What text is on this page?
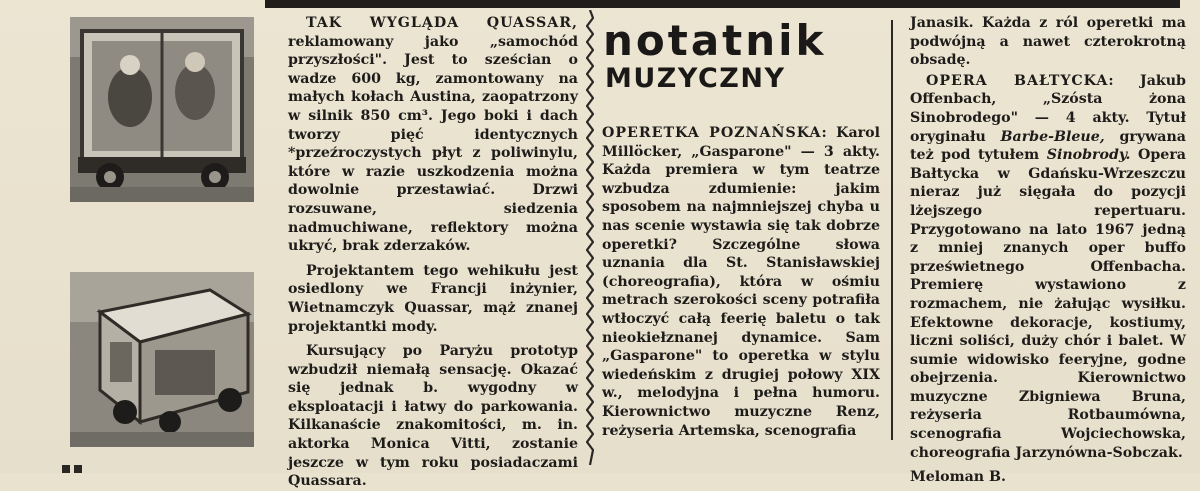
TAK WYGLĄDA QUASSAR, reklamowany jako „samochód przyszłości". Jest to sześcian o wadze 600 kg, zamontowany na małych kołach Austina, zaopatrzony w silnik 850 cm³. Jego boki i dach tworzy pięć identycznych *przeźroczystych płyt z poliwinylu, które w razie uszkodzenia można dowolnie przestawiać. Drzwi rozsuwane, siedzenia nadmuchiwane, reflektory można ukryć, brak zderzaków.

Projektantem tego wehikułu jest osiedlony we Francji inżynier, Wietnamczyk Quassar, mąż znanej projektantki mody.

Kursujący po Paryżu prototyp wzbudził niemałą sensację. Okazać się jednak b. wygodny w eksploatacji i łatwy do parkowania. Kilkanaście znakomitości, m. in. aktorka Monica Vitti, zostanie jeszcze w tym roku posiadaczami Quassara.

notatnik
MUZYCZNY

OPERETKA POZNAŃSKA: Karol Millöcker, „Gasparone" — 3 akty. Każda premiera w tym teatrze wzbudza zdumienie: jakim sposobem na najmniejszej chyba u nas scenie wystawia się tak dobrze operetki? Szczególne słowa uznania dla St. Stanisławskiej (choreografia), która w ośmiu metrach szerokości sceny potrafiła wtłoczyć całą feerię baletu o tak nieokiełznanej dynamice. Sam „Gasparone" to operetka w stylu wiedeńskim z drugiej połowy XIX w., melodyjna i pełna humoru. Kierownictwo muzyczne Renz, reżyseria Artemska, scenografia

Janasik. Każda z ról operetki ma podwójną a nawet czterokrotną obsadę.

OPERA BAŁTYCKA: Jakub Offenbach, „Szósta żona Sinobrodego" — 4 akty. Tytuł oryginału Barbe-Bleue, grywana też pod tytułem Sinobrody. Opera Bałtycka w Gdańsku-Wrzeszczu nieraz już sięgała do pozycji lżejszego repertuaru. Przygotowano na lato 1967 jedną z mniej znanych oper buffo prześwietnego Offenbacha. Premierę wystawiono z rozmachem, nie żałując wysiłku. Efektowne dekoracje, kostiumy, liczni soliści, duży chór i balet. W sumie widowisko feeryjne, godne obejrzenia. Kierownictwo muzyczne Zbigniewa Bruna, reżyseria Rotbaumówna, scenografia Wojciechowska, choreografia Jarzynówna-Sobczak.

Meloman B.
